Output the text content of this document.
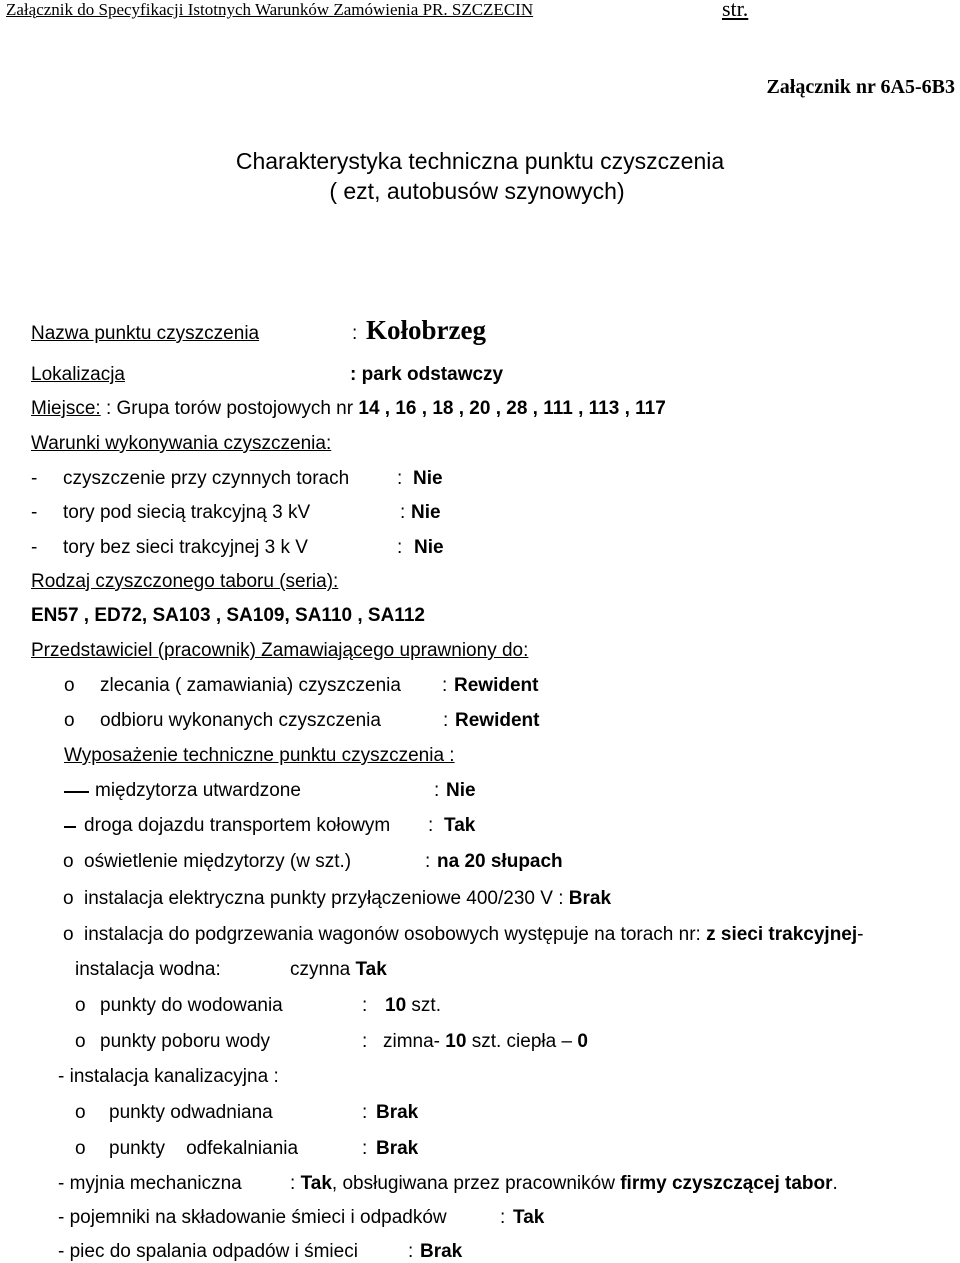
Załącznik do Specyfikacji Istotnych Warunków Zamówienia PR. SZCZECIN	str.
Załącznik nr 6A5-6B3
Charakterystyka techniczna punktu czyszczenia
( ezt, autobusów szynowych)
Nazwa punktu czyszczenia	: Kołobrzeg
Lokalizacja	: park odstawczy
Miejsce: : Grupa torów postojowych nr 14 , 16 , 18 , 20 , 28 , 111 , 113 , 117
Warunki wykonywania czyszczenia:
- czyszczenie przy czynnych torach	: Nie
- tory pod siecią trakcyjną 3 kV	: Nie
- tory bez sieci trakcyjnej 3 k V	: Nie
Rodzaj czyszczonego taboru (seria):
EN57 , ED72, SA103 , SA109, SA110 , SA112
Przedstawiciel (pracownik) Zamawiającego uprawniony do:
o zlecania ( zamawiania) czyszczenia : Rewident
o odbioru wykonanych czyszczenia	: Rewident
Wyposażenie techniczne punktu czyszczenia :
międzytorza utwardzone	: Nie
droga dojazdu transportem kołowym : Tak
o oświetlenie międzytorzy (w szt.)	: na 20 słupach
o instalacja elektryczna punkty przyłączeniowe 400/230 V : Brak
o instalacja do podgrzewania wagonów osobowych występuje na torach nr: z sieci trakcyjnej-
instalacja wodna:	czynna Tak
o punkty do wodowania	: 10 szt.
o punkty poboru wody	: zimna- 10 szt. ciepła – 0
- instalacja kanalizacyjna :
o punkty odwadniana	: Brak
o punkty    odfekalniania	: Brak
- myjnia mechaniczna	: Tak, obsługiwana przez pracowników firmy czyszczącej tabor.
- pojemniki na składowanie śmieci i odpadków	: Tak
- piec do spalania odpadów i śmieci	: Brak
